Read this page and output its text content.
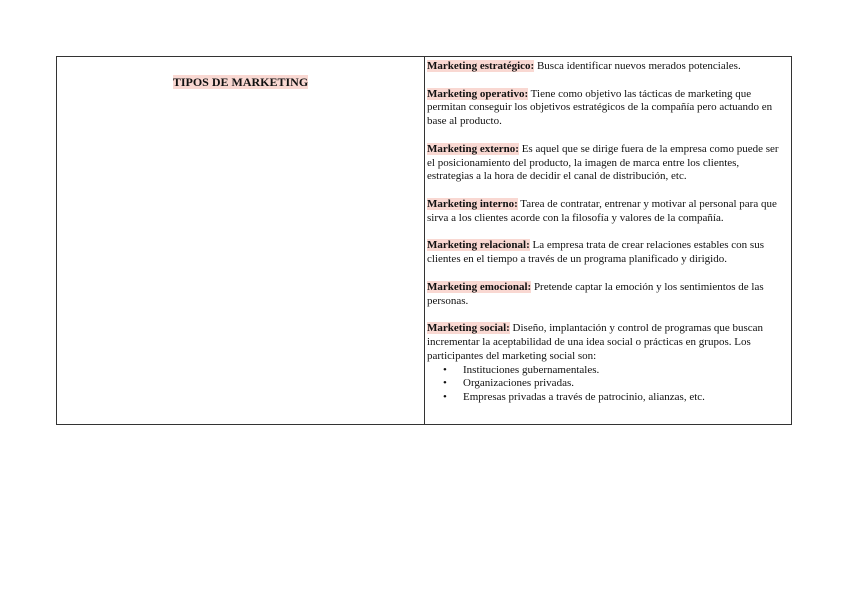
TIPOS DE MARKETING

Marketing estratégico: Busca identificar nuevos merados potenciales.

Marketing operativo: Tiene como objetivo las tácticas de marketing que permitan conseguir los objetivos estratégicos de la compañía pero actuando en base al producto.

Marketing externo: Es aquel que se dirige fuera de la empresa como puede ser el posicionamiento del producto, la imagen de marca entre los clientes, estrategias a la hora de decidir el canal de distribución, etc.

Marketing interno: Tarea de contratar, entrenar y motivar al personal para que sirva a los clientes acorde con la filosofía y valores de la compañía.

Marketing relacional: La empresa trata de crear relaciones estables con sus clientes en el tiempo a través de un programa planificado y dirigido.

Marketing emocional: Pretende captar la emoción y los sentimientos de las personas.

Marketing social: Diseño, implantación y control de programas que buscan incrementar la aceptabilidad de una idea social o prácticas en grupos. Los participantes del marketing social son:
• Instituciones gubernamentales.
• Organizaciones privadas.
• Empresas privadas a través de patrocinio, alianzas, etc.
